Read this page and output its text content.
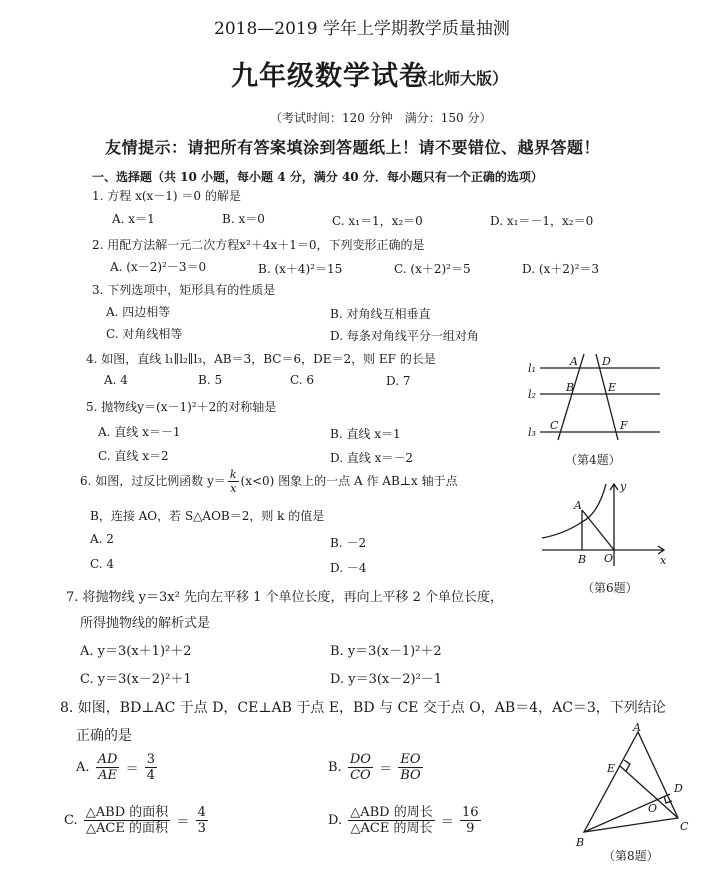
2018—2019 学年上学期教学质量抽测
九年级数学试卷
（北师大版）
（考试时间：120 分钟　满分：150 分）
友情提示：请把所有答案填涂到答题纸上！请不要错位、越界答题！
一、选择题（共 10 小题，每小题 4 分，满分 40 分．每小题只有一个正确的选项）
1. 方程 x(x－1) ＝0 的解是
A. x＝1	B. x＝0	C. x₁＝1，x₂＝0	D. x₁＝－1，x₂＝0
2. 用配方法解一元二次方程x²＋4x＋1＝0，下列变形正确的是
A. (x－2)²－3＝0	B. (x＋4)²＝15	C. (x＋2)²＝5	D. (x＋2)²＝3
3. 下列选项中，矩形具有的性质是
A. 四边相等	B. 对角线互相垂直
C. 对角线相等	D. 每条对角线平分一组对角
4. 如图，直线 l₁∥l₂∥l₃，AB＝3，BC＝6，DE＝2，则 EF 的长是
A. 4	B. 5	C. 6	D. 7
l₁
l₂
l₃
A D
B	E
C	F
（第4题）
5. 抛物线y＝(x－1)²＋2的对称轴是
A. 直线 x＝－1	B. 直线 x＝1
C. 直线 x＝2	D. 直线 x＝－2
6. 如图，过反比例函数 $y= \frac{k}{x} (x<0)$ 图象上的一点 A 作 AB⊥x 轴于点
B，连接 AO，若 S△AOB＝2，则 k 的值是
A. 2	B. －2
C. 4	D. －4
y
x
A
B O
（第6题）
7. 将抛物线 y＝3x² 先向左平移 1 个单位长度，再向上平移 2 个单位长度，
所得抛物线的解析式是
A. y＝3(x＋1)²＋2	B. y＝3(x－1)²＋2
C. y＝3(x－2)²＋1	D. y＝3(x－2)²－1
8. 如图，BD⊥AC 于点 D，CE⊥AB 于点 E，BD 与 CE 交于点 O，AB＝4，AC＝3，下列结论
正确的是
A. $\frac{AD}{AE} = \frac{3}{4}$	B. $\frac{DO}{CO} = \frac{EO}{BO}$
C. $\frac{\text{△ABD 的面积}}{\text{△ACE 的面积}} = \frac{4}{3}$	D. $\frac{\text{△ABD 的周长}}{\text{△ACE 的周长}} = \frac{16}{9}$
A
E
D
O
B
C
（第8题）
